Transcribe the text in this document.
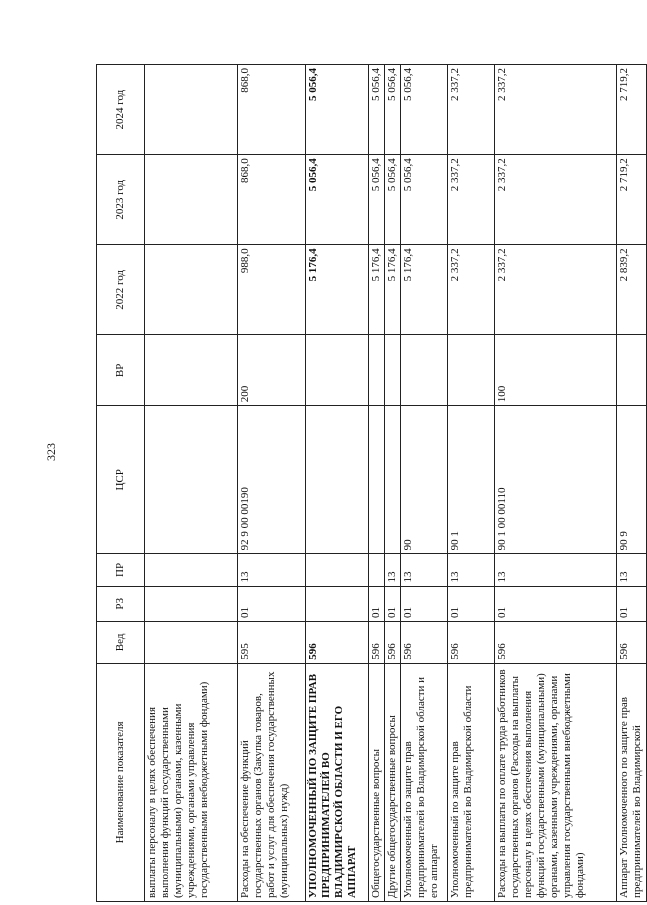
323
Наименование показателя	Вед	РЗ	ПР	ЦСР	ВР	2022 год	2023 год	2024 год
выплаты персоналу в целях обеспечения выполнения функций государственными (муниципальными) органами, казенными учреждениями, органами управления государственными внебюджетными фондами)								
Расходы на обеспечение функций государственных органов (Закупка товаров, работ и услуг для обеспечения государственных (муниципальных) нужд)	595	01	13	92 9 00 00190	200	988,0	868,0	868,0
УПОЛНОМОЧЕННЫЙ ПО ЗАЩИТЕ ПРАВ ПРЕДПРИНИМАТЕЛЕЙ ВО ВЛАДИМИРСКОЙ ОБЛАСТИ И ЕГО АППАРАТ	596					5 176,4	5 056,4	5 056,4
Общегосударственные вопросы	596	01				5 176,4	5 056,4	5 056,4
Другие общегосударственные вопросы	596	01	13			5 176,4	5 056,4	5 056,4
Уполномоченный по защите прав предпринимателей во Владимирской области и его аппарат	596	01	13	90		5 176,4	5 056,4	5 056,4
Уполномоченный по защите прав предпринимателей во Владимирской области	596	01	13	90 1		2 337,2	2 337,2	2 337,2
Расходы на выплаты по оплате труда работников государственных органов (Расходы на выплаты персоналу в целях обеспечения выполнения функций государственными (муниципальными) органами, казенными учреждениями, органами управления государственными внебюджетными фондами)	596	01	13	90 1 00 00110	100	2 337,2	2 337,2	2 337,2
Аппарат Уполномоченного по защите прав предпринимателей во Владимирской	596	01	13	90 9		2 839,2	2 719,2	2 719,2
